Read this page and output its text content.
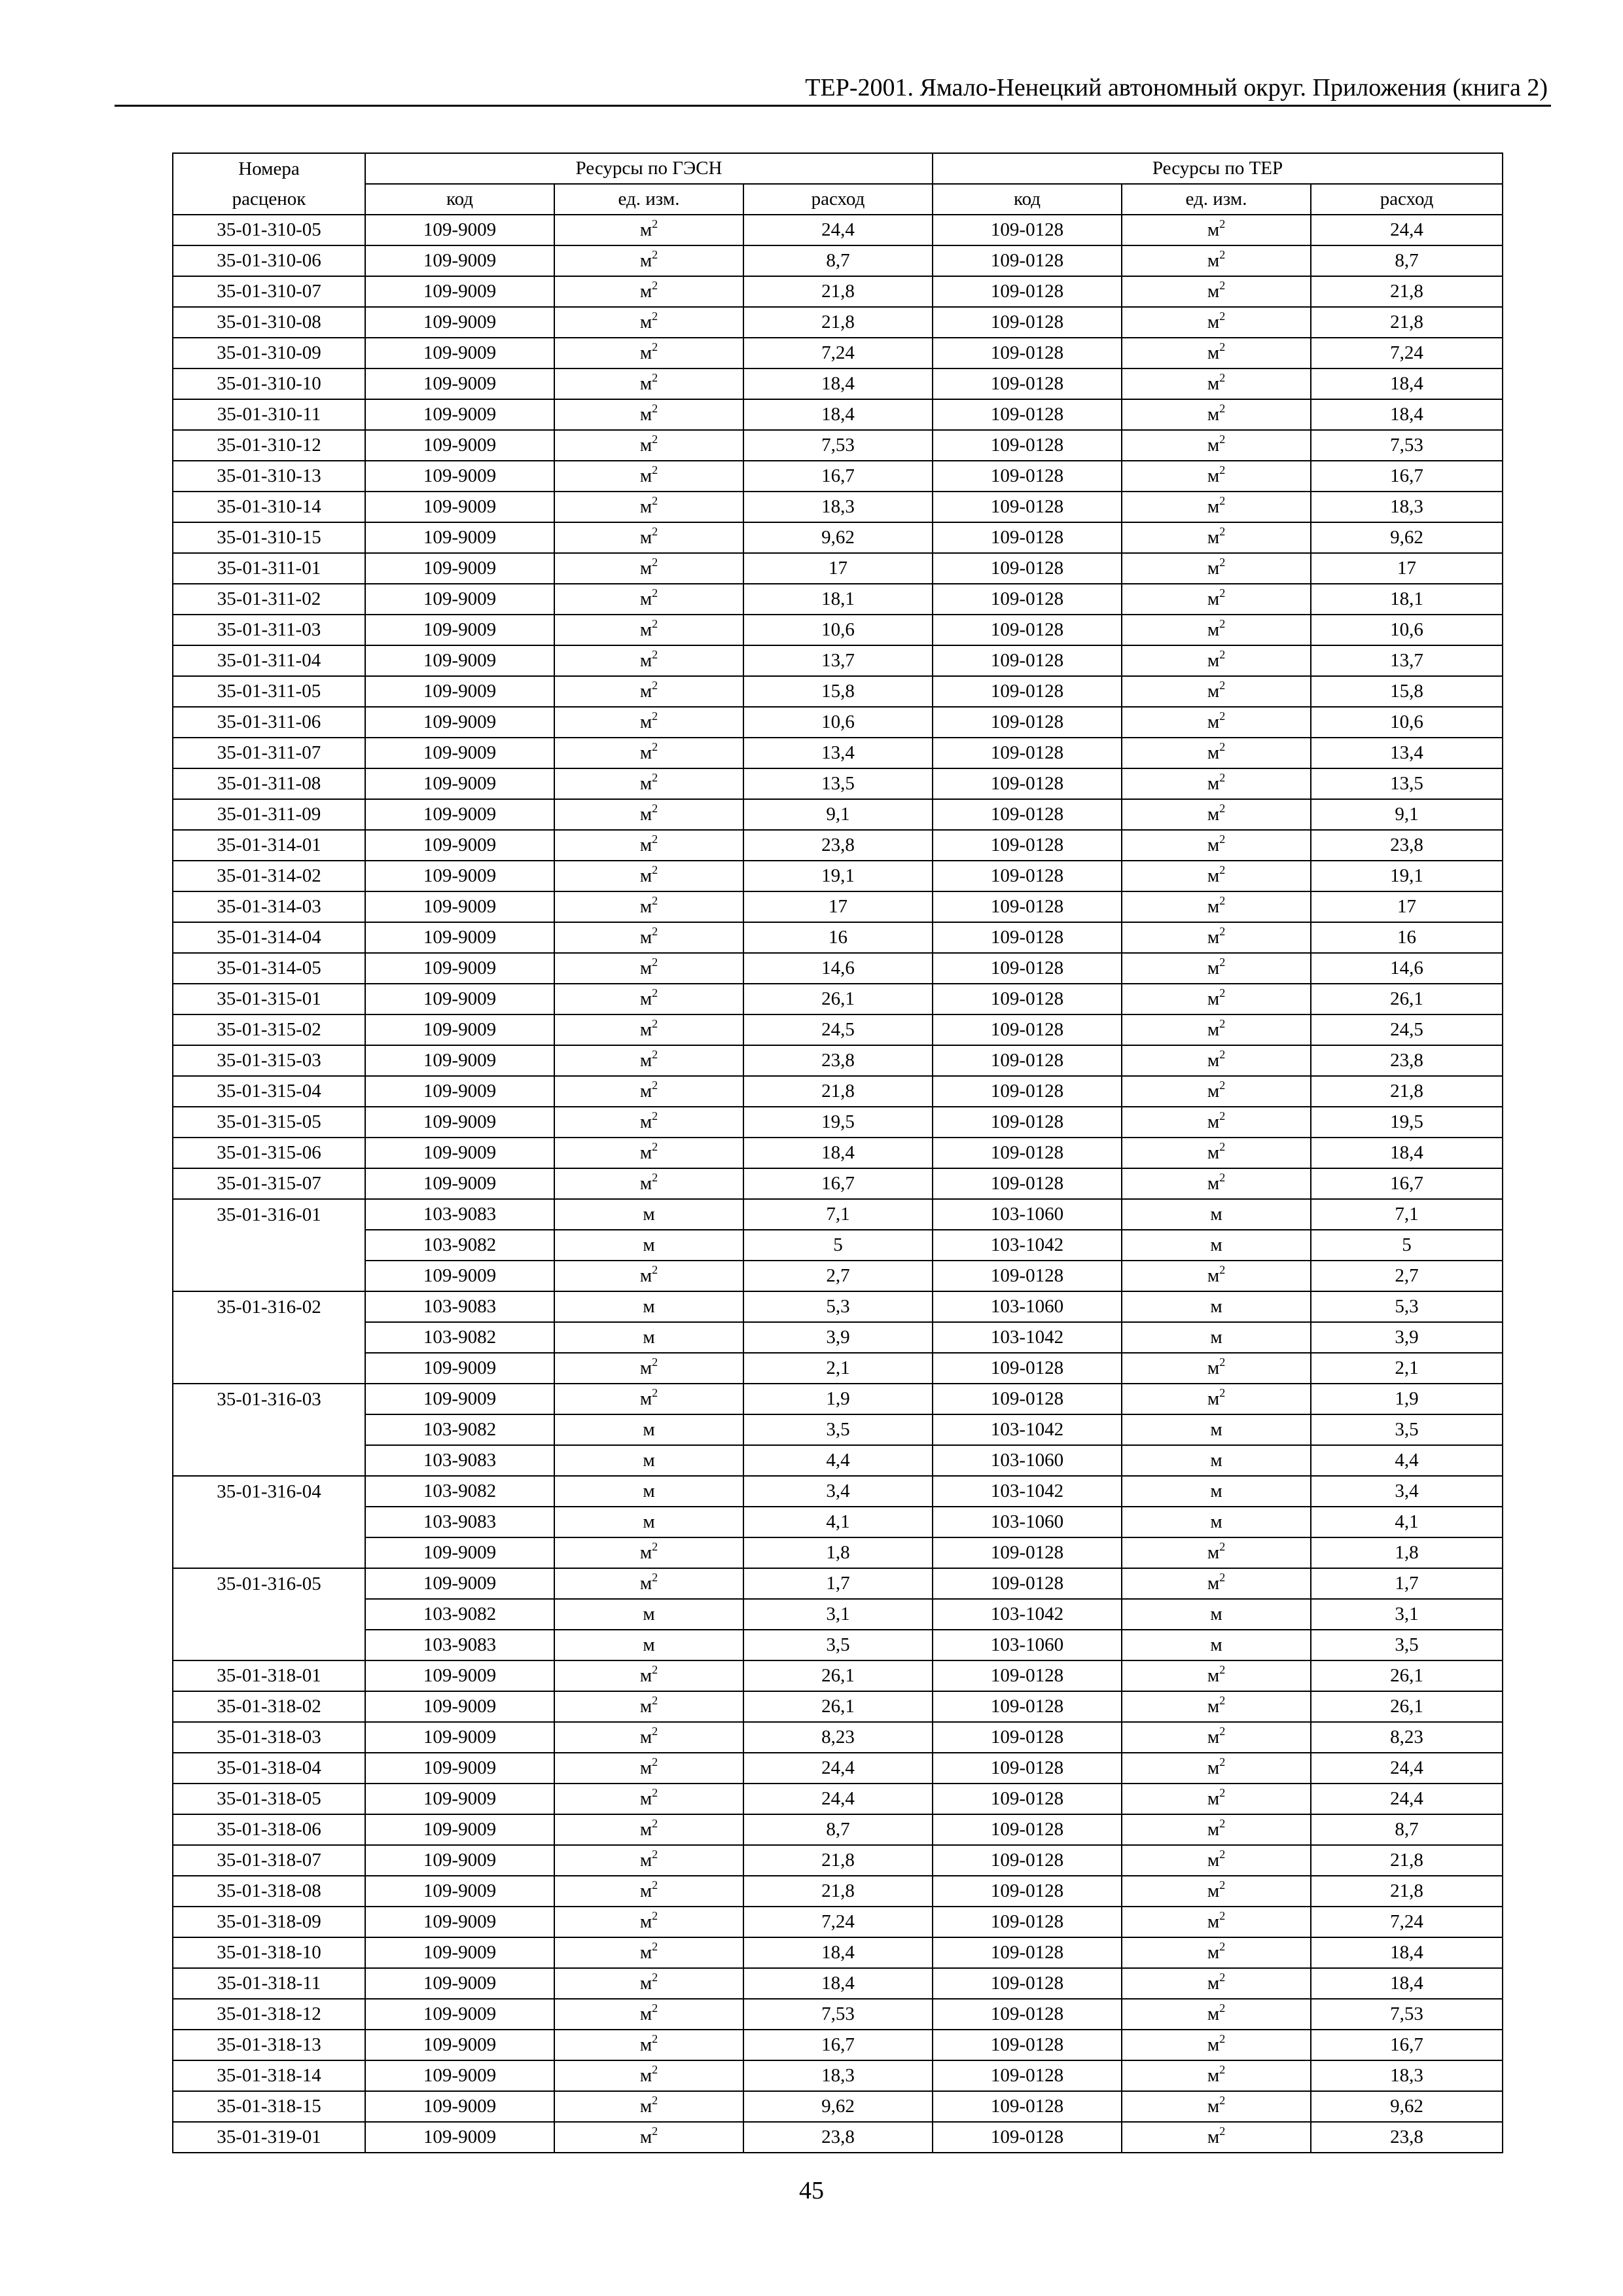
ТЕР-2001. Ямало-Ненецкий автономный округ. Приложения (книга 2)
Номера	Ресурсы по ГЭСН			Ресурсы по ТЕР		
расценок	код	ед. изм.	расход	код	ед. изм.	расход
35-01-310-05	109-9009	$м^2$	24,4	109-0128	$м^2$	24,4
35-01-310-06	109-9009	$м^2$	8,7	109-0128	$м^2$	8,7
35-01-310-07	109-9009	$м^2$	21,8	109-0128	$м^2$	21,8
35-01-310-08	109-9009	$м^2$	21,8	109-0128	$м^2$	21,8
35-01-310-09	109-9009	$м^2$	7,24	109-0128	$м^2$	7,24
35-01-310-10	109-9009	$м^2$	18,4	109-0128	$м^2$	18,4
35-01-310-11	109-9009	$м^2$	18,4	109-0128	$м^2$	18,4
35-01-310-12	109-9009	$м^2$	7,53	109-0128	$м^2$	7,53
35-01-310-13	109-9009	$м^2$	16,7	109-0128	$м^2$	16,7
35-01-310-14	109-9009	$м^2$	18,3	109-0128	$м^2$	18,3
35-01-310-15	109-9009	$м^2$	9,62	109-0128	$м^2$	9,62
35-01-311-01	109-9009	$м^2$	17	109-0128	$м^2$	17
35-01-311-02	109-9009	$м^2$	18,1	109-0128	$м^2$	18,1
35-01-311-03	109-9009	$м^2$	10,6	109-0128	$м^2$	10,6
35-01-311-04	109-9009	$м^2$	13,7	109-0128	$м^2$	13,7
35-01-311-05	109-9009	$м^2$	15,8	109-0128	$м^2$	15,8
35-01-311-06	109-9009	$м^2$	10,6	109-0128	$м^2$	10,6
35-01-311-07	109-9009	$м^2$	13,4	109-0128	$м^2$	13,4
35-01-311-08	109-9009	$м^2$	13,5	109-0128	$м^2$	13,5
35-01-311-09	109-9009	$м^2$	9,1	109-0128	$м^2$	9,1
35-01-314-01	109-9009	$м^2$	23,8	109-0128	$м^2$	23,8
35-01-314-02	109-9009	$м^2$	19,1	109-0128	$м^2$	19,1
35-01-314-03	109-9009	$м^2$	17	109-0128	$м^2$	17
35-01-314-04	109-9009	$м^2$	16	109-0128	$м^2$	16
35-01-314-05	109-9009	$м^2$	14,6	109-0128	$м^2$	14,6
35-01-315-01	109-9009	$м^2$	26,1	109-0128	$м^2$	26,1
35-01-315-02	109-9009	$м^2$	24,5	109-0128	$м^2$	24,5
35-01-315-03	109-9009	$м^2$	23,8	109-0128	$м^2$	23,8
35-01-315-04	109-9009	$м^2$	21,8	109-0128	$м^2$	21,8
35-01-315-05	109-9009	$м^2$	19,5	109-0128	$м^2$	19,5
35-01-315-06	109-9009	$м^2$	18,4	109-0128	$м^2$	18,4
35-01-315-07	109-9009	$м^2$	16,7	109-0128	$м^2$	16,7
35-01-316-01	103-9083	м	7,1	103-1060	м	7,1
	103-9082	м	5	103-1042	м	5
	109-9009	$м^2$	2,7	109-0128	$м^2$	2,7
35-01-316-02	103-9083	м	5,3	103-1060	м	5,3
	103-9082	м	3,9	103-1042	м	3,9
	109-9009	$м^2$	2,1	109-0128	$м^2$	2,1
35-01-316-03	109-9009	$м^2$	1,9	109-0128	$м^2$	1,9
	103-9082	м	3,5	103-1042	м	3,5
	103-9083	м	4,4	103-1060	м	4,4
35-01-316-04	103-9082	м	3,4	103-1042	м	3,4
	103-9083	м	4,1	103-1060	м	4,1
	109-9009	$м^2$	1,8	109-0128	$м^2$	1,8
35-01-316-05	109-9009	$м^2$	1,7	109-0128	$м^2$	1,7
	103-9082	м	3,1	103-1042	м	3,1
	103-9083	м	3,5	103-1060	м	3,5
35-01-318-01	109-9009	$м^2$	26,1	109-0128	$м^2$	26,1
35-01-318-02	109-9009	$м^2$	26,1	109-0128	$м^2$	26,1
35-01-318-03	109-9009	$м^2$	8,23	109-0128	$м^2$	8,23
35-01-318-04	109-9009	$м^2$	24,4	109-0128	$м^2$	24,4
35-01-318-05	109-9009	$м^2$	24,4	109-0128	$м^2$	24,4
35-01-318-06	109-9009	$м^2$	8,7	109-0128	$м^2$	8,7
35-01-318-07	109-9009	$м^2$	21,8	109-0128	$м^2$	21,8
35-01-318-08	109-9009	$м^2$	21,8	109-0128	$м^2$	21,8
35-01-318-09	109-9009	$м^2$	7,24	109-0128	$м^2$	7,24
35-01-318-10	109-9009	$м^2$	18,4	109-0128	$м^2$	18,4
35-01-318-11	109-9009	$м^2$	18,4	109-0128	$м^2$	18,4
35-01-318-12	109-9009	$м^2$	7,53	109-0128	$м^2$	7,53
35-01-318-13	109-9009	$м^2$	16,7	109-0128	$м^2$	16,7
35-01-318-14	109-9009	$м^2$	18,3	109-0128	$м^2$	18,3
35-01-318-15	109-9009	$м^2$	9,62	109-0128	$м^2$	9,62
35-01-319-01	109-9009	$м^2$	23,8	109-0128	$м^2$	23,8
45
